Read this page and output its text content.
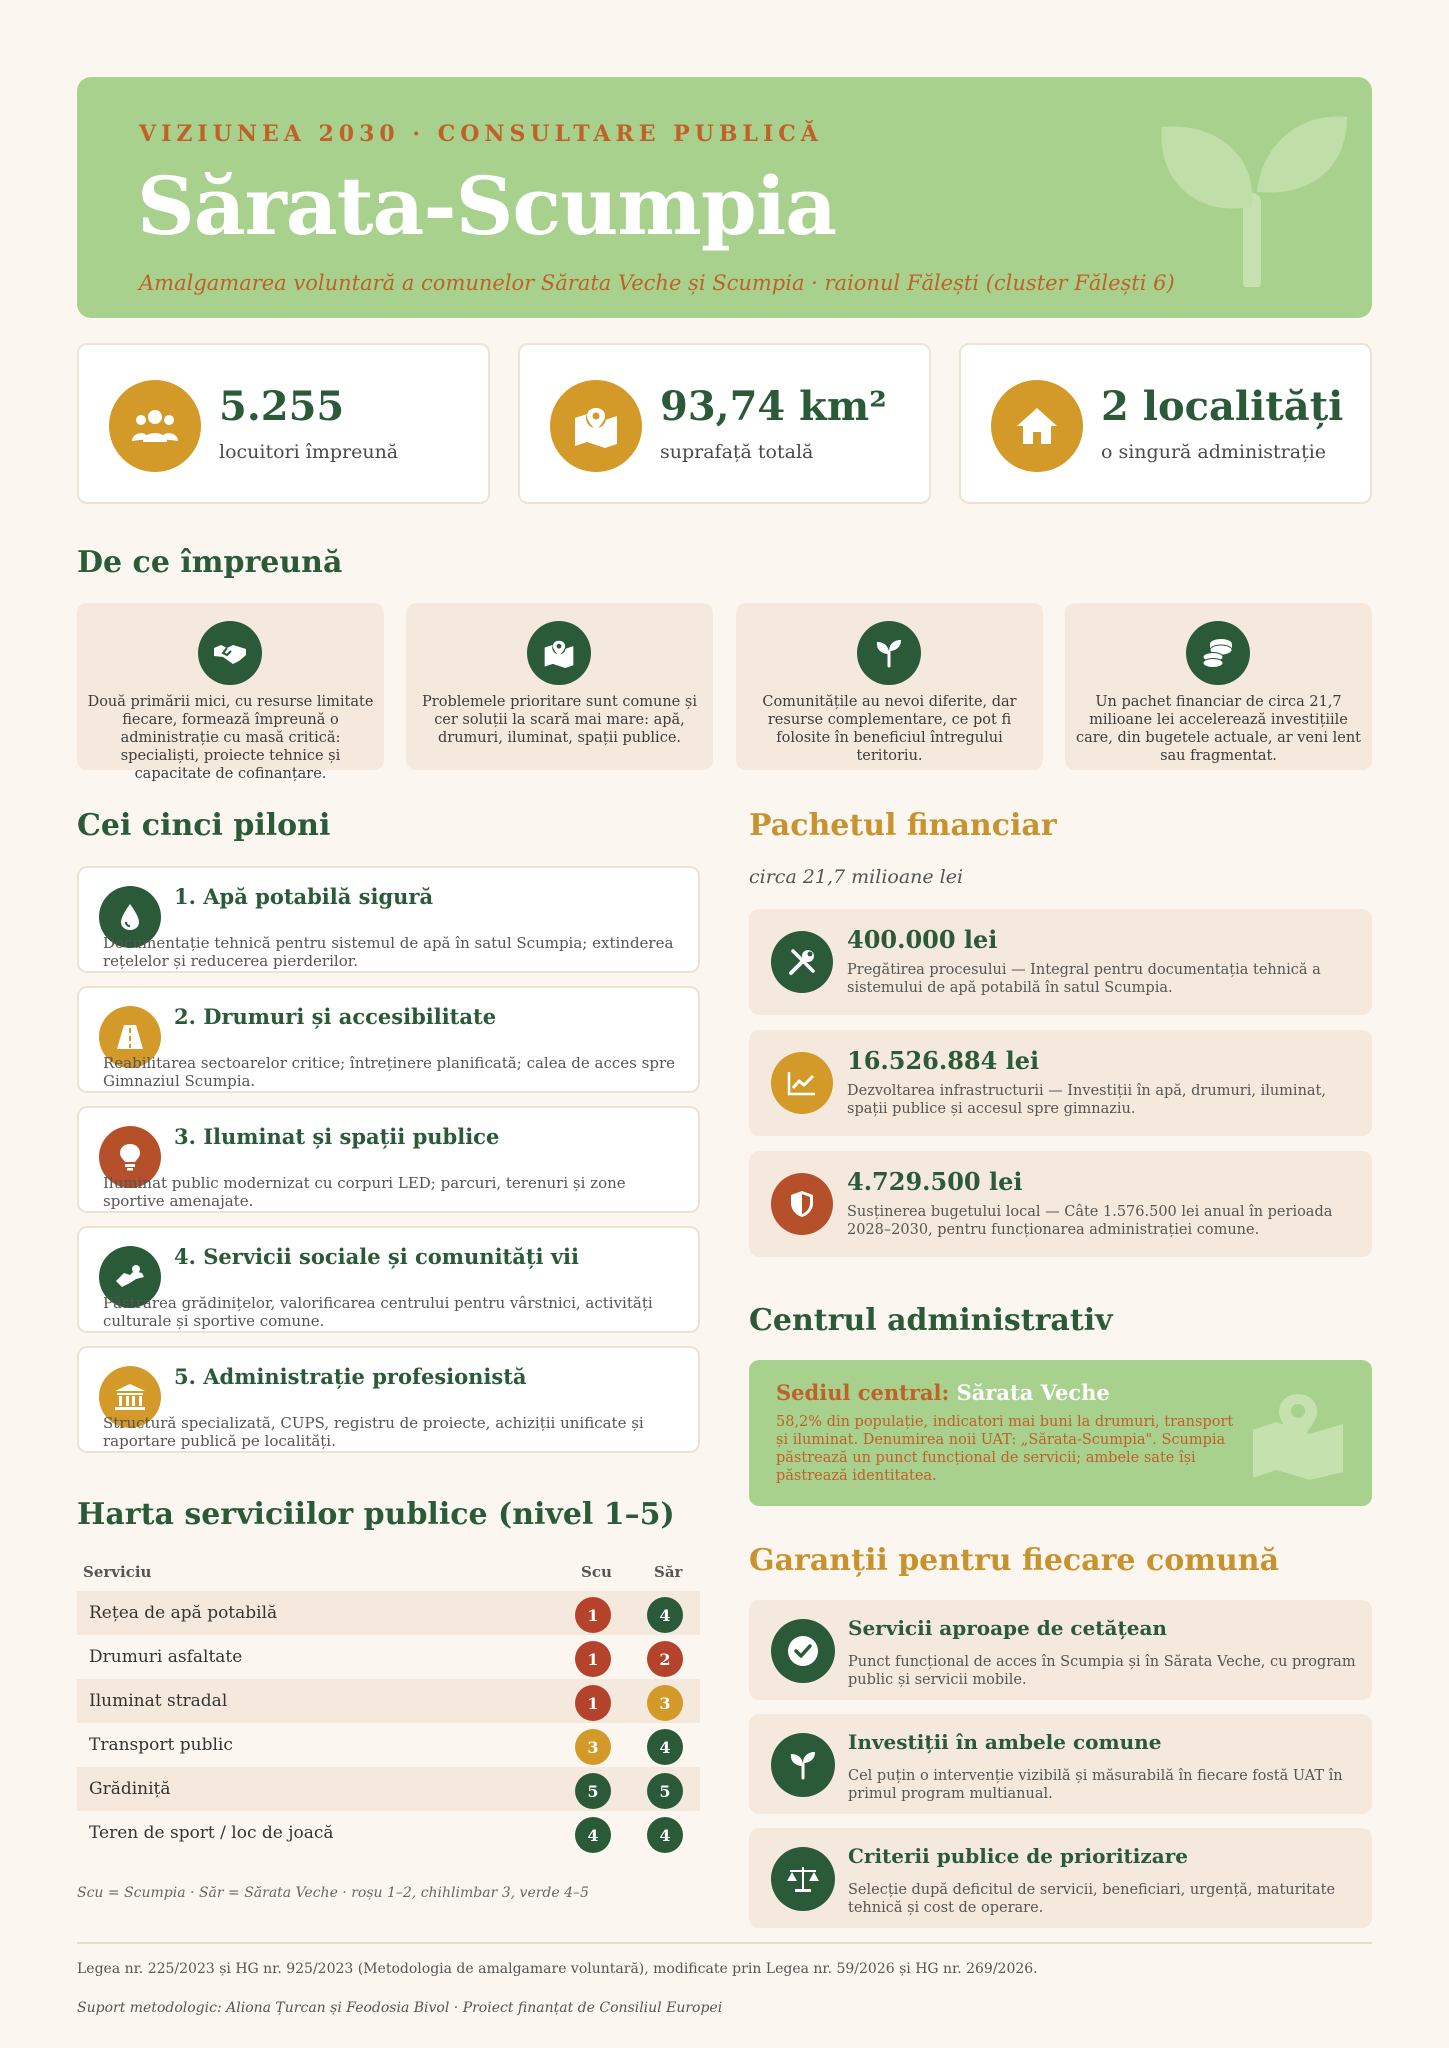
VIZIUNEA 2030 · CONSULTARE PUBLICĂ
Sărata-Scumpia
Amalgamarea voluntară a comunelor Sărata Veche și Scumpia · raionul Fălești (cluster Fălești 6)
5.255
locuitori împreună
93,74 km²
suprafață totală
2 localități
o singură administrație
De ce împreună
Două primării mici, cu resurse limitate fiecare, formează împreună o administrație cu masă critică: specialiști, proiecte tehnice și capacitate de cofinanțare.
Problemele prioritare sunt comune și cer soluții la scară mai mare: apă, drumuri, iluminat, spații publice.
Comunitățile au nevoi diferite, dar resurse complementare, ce pot fi folosite în beneficiul întregului teritoriu.
Un pachet financiar de circa 21,7 milioane lei accelerează investițiile care, din bugetele actuale, ar veni lent sau fragmentat.
Cei cinci piloni
1. Apă potabilă sigură
Documentație tehnică pentru sistemul de apă în satul Scumpia; extinderea rețelelor și reducerea pierderilor.
2. Drumuri și accesibilitate
Reabilitarea sectoarelor critice; întreținere planificată; calea de acces spre Gimnaziul Scumpia.
3. Iluminat și spații publice
Iluminat public modernizat cu corpuri LED; parcuri, terenuri și zone sportive amenajate.
4. Servicii sociale și comunități vii
Păstrarea grădinițelor, valorificarea centrului pentru vârstnici, activități culturale și sportive comune.
5. Administrație profesionistă
Structură specializată, CUPS, registru de proiecte, achiziții unificate și raportare publică pe localități.
Harta serviciilor publice (nivel 1–5)
Serviciu	Scu	Săr
Rețea de apă potabilă	1	4
Drumuri asfaltate	1	2
Iluminat stradal	1	3
Transport public	3	4
Grădiniță	5	5
Teren de sport / loc de joacă	4	4
Scu = Scumpia · Săr = Sărata Veche · roșu 1–2, chihlimbar 3, verde 4–5
Pachetul financiar
circa 21,7 milioane lei
400.000 lei
Pregătirea procesului — Integral pentru documentația tehnică a sistemului de apă potabilă în satul Scumpia.
16.526.884 lei
Dezvoltarea infrastructurii — Investiții în apă, drumuri, iluminat, spații publice și accesul spre gimnaziu.
4.729.500 lei
Susținerea bugetului local — Câte 1.576.500 lei anual în perioada 2028–2030, pentru funcționarea administrației comune.
Centrul administrativ
Sediul central: Sărata Veche
58,2% din populație, indicatori mai buni la drumuri, transport și iluminat. Denumirea noii UAT: „Sărata-Scumpia". Scumpia păstrează un punct funcțional de servicii; ambele sate își păstrează identitatea.
Garanții pentru fiecare comună
Servicii aproape de cetățean
Punct funcțional de acces în Scumpia și în Sărata Veche, cu program public și servicii mobile.
Investiții în ambele comune
Cel puțin o intervenție vizibilă și măsurabilă în fiecare fostă UAT în primul program multianual.
Criterii publice de prioritizare
Selecție după deficitul de servicii, beneficiari, urgență, maturitate tehnică și cost de operare.
Legea nr. 225/2023 și HG nr. 925/2023 (Metodologia de amalgamare voluntară), modificate prin Legea nr. 59/2026 și HG nr. 269/2026.
Suport metodologic: Aliona Țurcan și Feodosia Bivol · Proiect finanțat de Consiliul Europei
